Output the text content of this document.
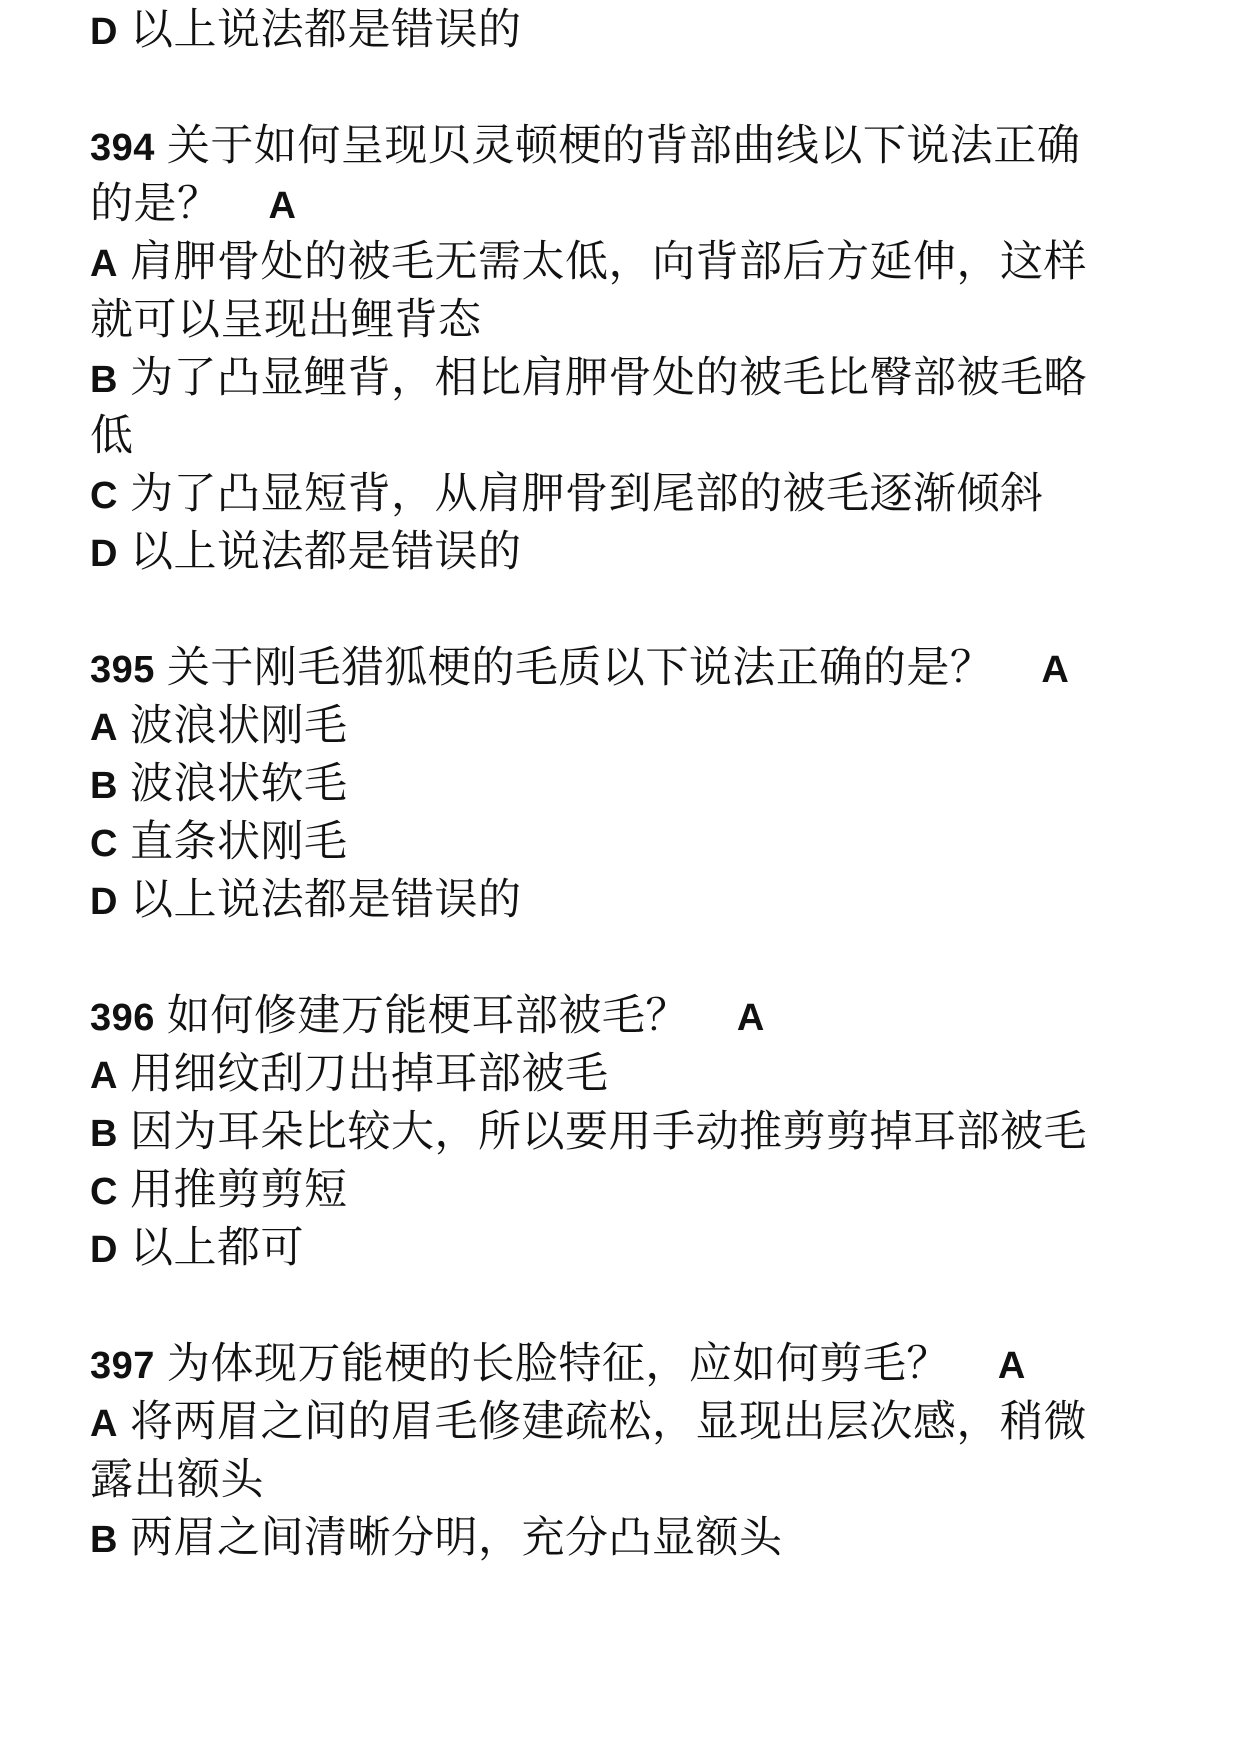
D 以上说法都是错误的
394 关于如何呈现贝灵顿梗的背部曲线以下说法正确
的是？ A
A 肩胛骨处的被毛无需太低，向背部后方延伸，这样
就可以呈现出鲤背态
B 为了凸显鲤背，相比肩胛骨处的被毛比臀部被毛略
低
C 为了凸显短背，从肩胛骨到尾部的被毛逐渐倾斜
D 以上说法都是错误的
395 关于刚毛猎狐梗的毛质以下说法正确的是？ A
A 波浪状刚毛
B 波浪状软毛
C 直条状刚毛
D 以上说法都是错误的
396 如何修建万能梗耳部被毛？ A
A 用细纹刮刀出掉耳部被毛
B 因为耳朵比较大，所以要用手动推剪剪掉耳部被毛
C 用推剪剪短
D 以上都可
397 为体现万能梗的长脸特征，应如何剪毛？ A
A 将两眉之间的眉毛修建疏松，显现出层次感，稍微
露出额头
B 两眉之间清晰分明，充分凸显额头
